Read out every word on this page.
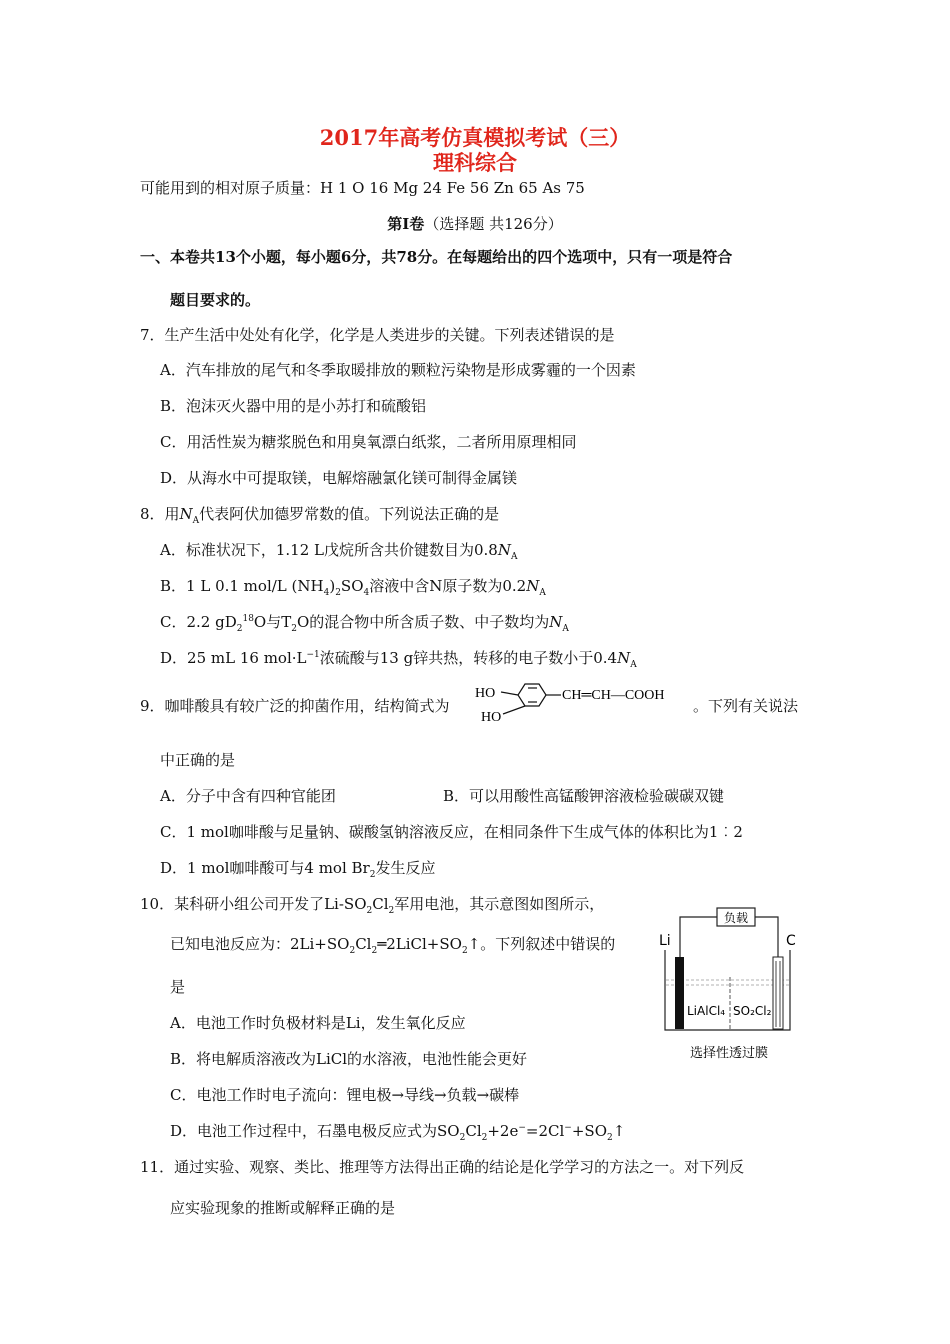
2017年高考仿真模拟考试（三）
理科综合
可能用到的相对原子质量：H 1 O 16 Mg 24 Fe 56 Zn 65 As 75
第Ⅰ卷（选择题 共126分）
一、本卷共13个小题，每小题6分，共78分。在每题给出的四个选项中，只有一项是符合
题目要求的。
7．生产生活中处处有化学，化学是人类进步的关键。下列表述错误的是
A．汽车排放的尾气和冬季取暖排放的颗粒污染物是形成雾霾的一个因素
B．泡沫灭火器中用的是小苏打和硫酸铝
C．用活性炭为糖浆脱色和用臭氧漂白纸浆，二者所用原理相同
D．从海水中可提取镁，电解熔融氯化镁可制得金属镁
8．用$N_A$代表阿伏加德罗常数的值。下列说法正确的是
A．标准状况下，1.12 L戊烷所含共价键数目为$0.8N_A$
B．1 L 0.1 mol/L $(NH_4)_2SO_4$溶液中含N原子数为$0.2N_A$
C．2.2 $gD_2^{18}O$与$T_2O$的混合物中所含质子数、中子数均为$N_A$
D．25 mL 16 $mol\cdot L^{-1}$浓硫酸与13 g锌共热，转移的电子数小于$0.4N_A$
9．咖啡酸具有较广泛的抑菌作用，结构简式为
HO
HO
CH═CH—COOH
。下列有关说法
中正确的是
A．分子中含有四种官能团	B．可以用酸性高锰酸钾溶液检验碳碳双键
C．1 mol咖啡酸与足量钠、碳酸氢钠溶液反应，在相同条件下生成气体的体积比为1︰2
D．1 mol咖啡酸可与4 mol $Br_2$发生反应
10．某科研小组公司开发了$Li-SO_2Cl_2$军用电池，其示意图如图所示，
已知电池反应为：$2Li+SO_2Cl_2═2LiCl+SO_2↑$。下列叙述中错误的
是
A．电池工作时负极材料是Li，发生氧化反应
B．将电解质溶液改为LiCl的水溶液，电池性能会更好
C．电池工作时电子流向：锂电极→导线→负载→碳棒
D．电池工作过程中，石墨电极反应式为$SO_2Cl_2+2e^-=2Cl^-+SO_2↑$
负载
Li	C
LiAlCl₄ SO₂Cl₂
选择性透过膜
11．通过实验、观察、类比、推理等方法得出正确的结论是化学学习的方法之一。对下列反
应实验现象的推断或解释正确的是
